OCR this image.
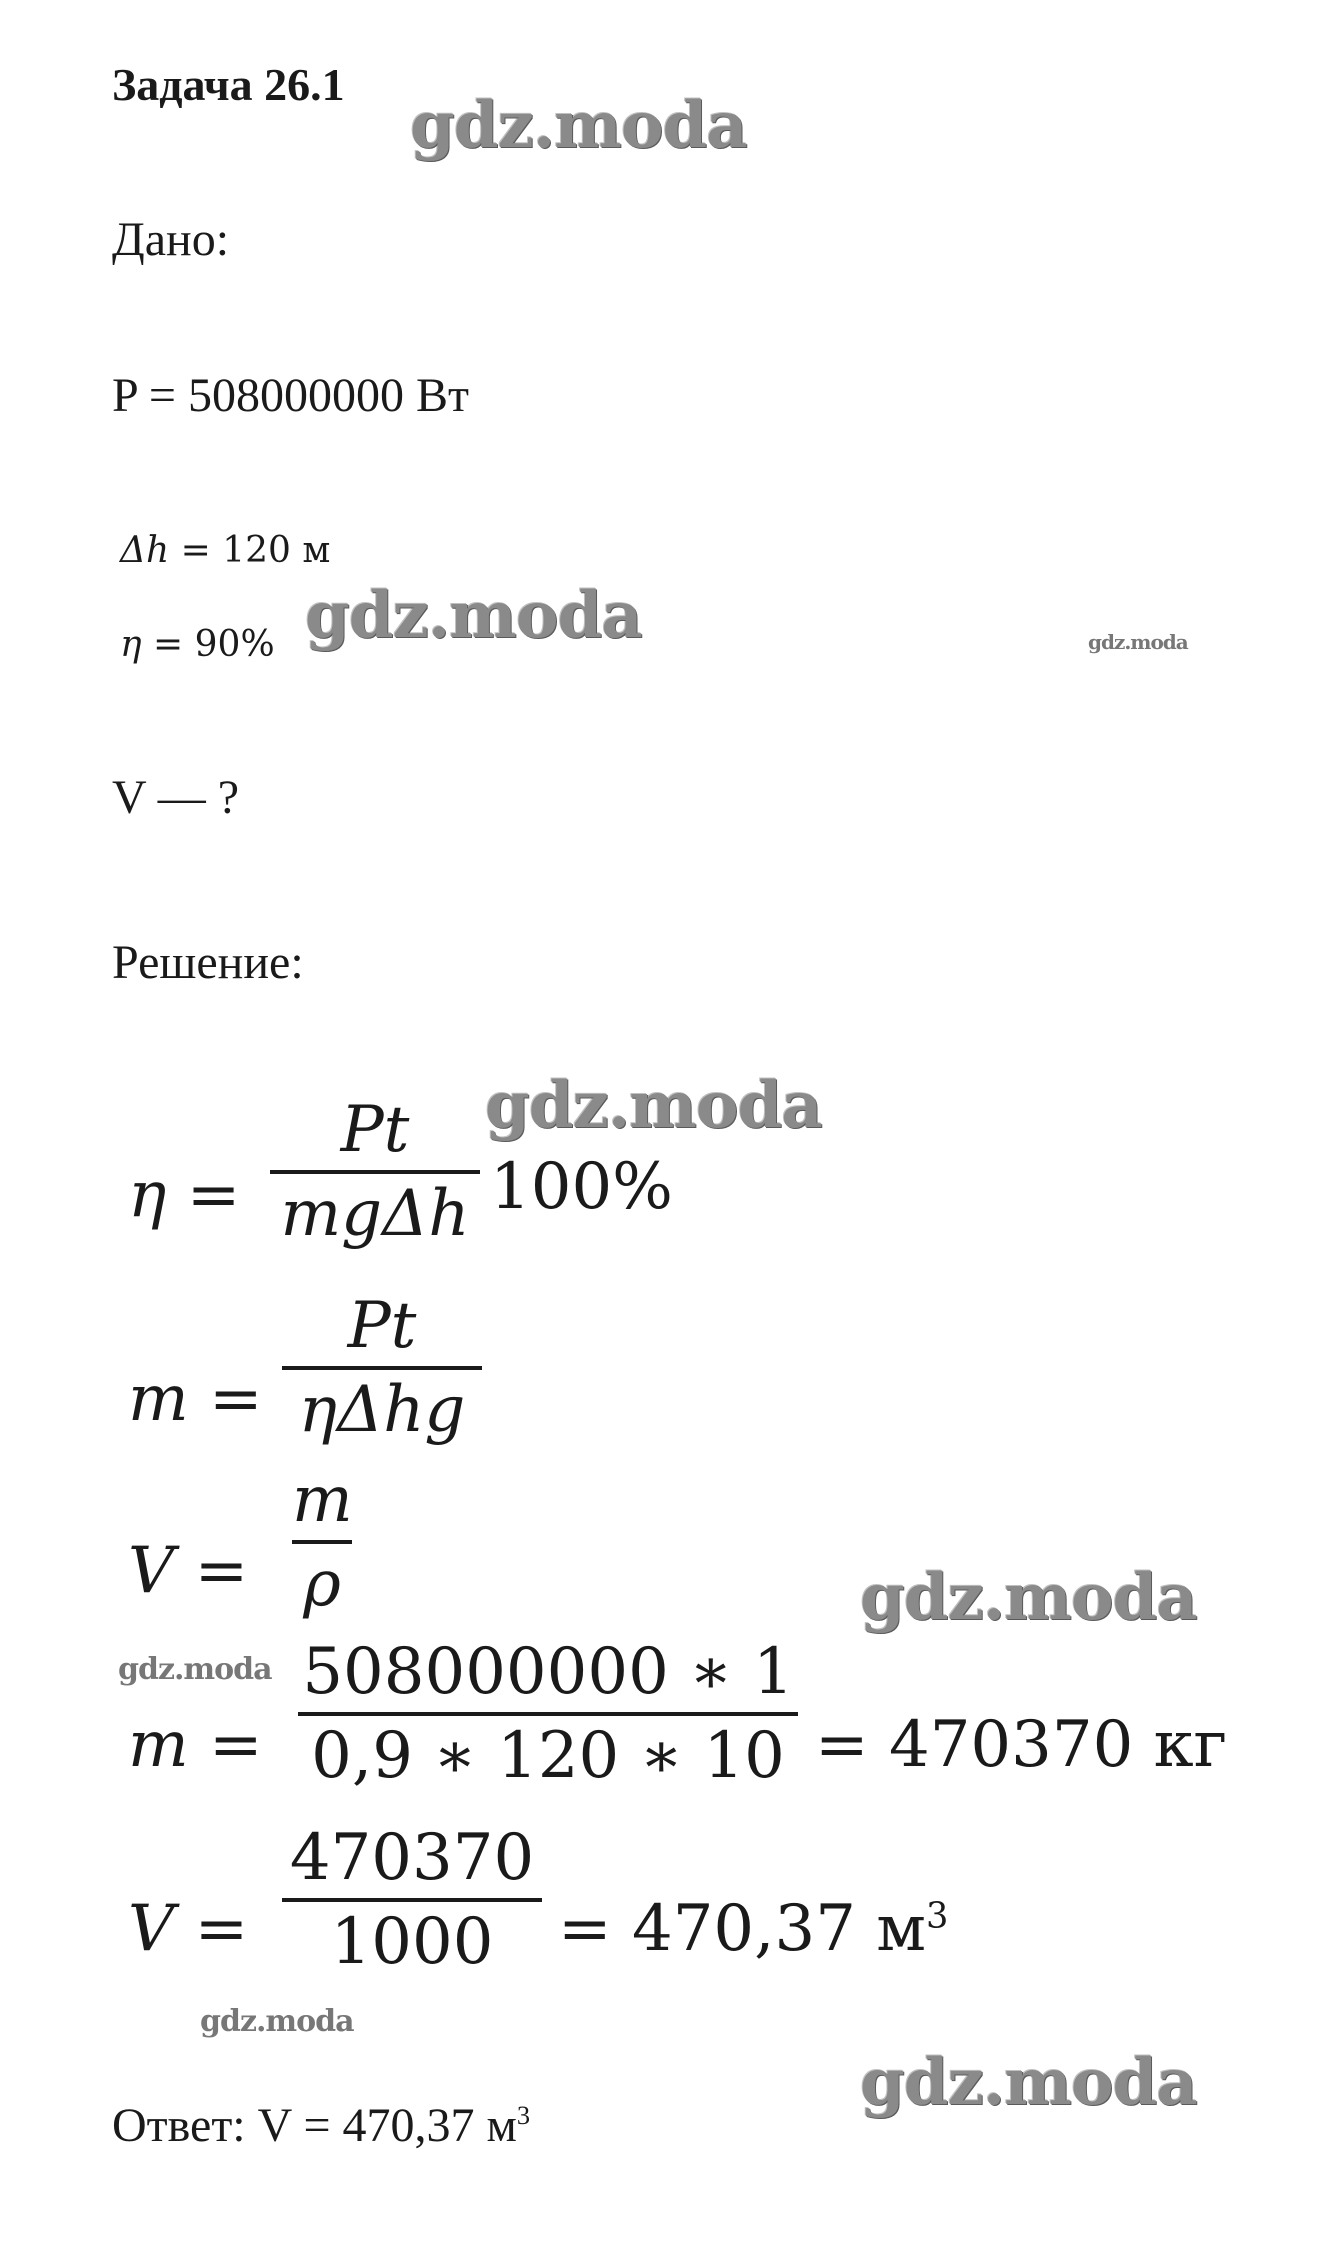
Задача 26.1
Дано:
P = 508000000 Вт
Δh = 120 м
η = 90%
V — ?
Решение:
η =
Pt
mgΔh 100%
m =
Pt
ηΔhg
V =
m
ρ
m =
508000000 ∗ 1
0,9 ∗ 120 ∗ 10 = 470370 кг
V =
470370
1000	= 470,37 $м^3$
Ответ: V = 470,37 $м^3$
gdz.moda
gdz.moda	gdz.moda
gdz.moda
gdz.moda
gdz.moda
gdz.moda
gdz.moda
